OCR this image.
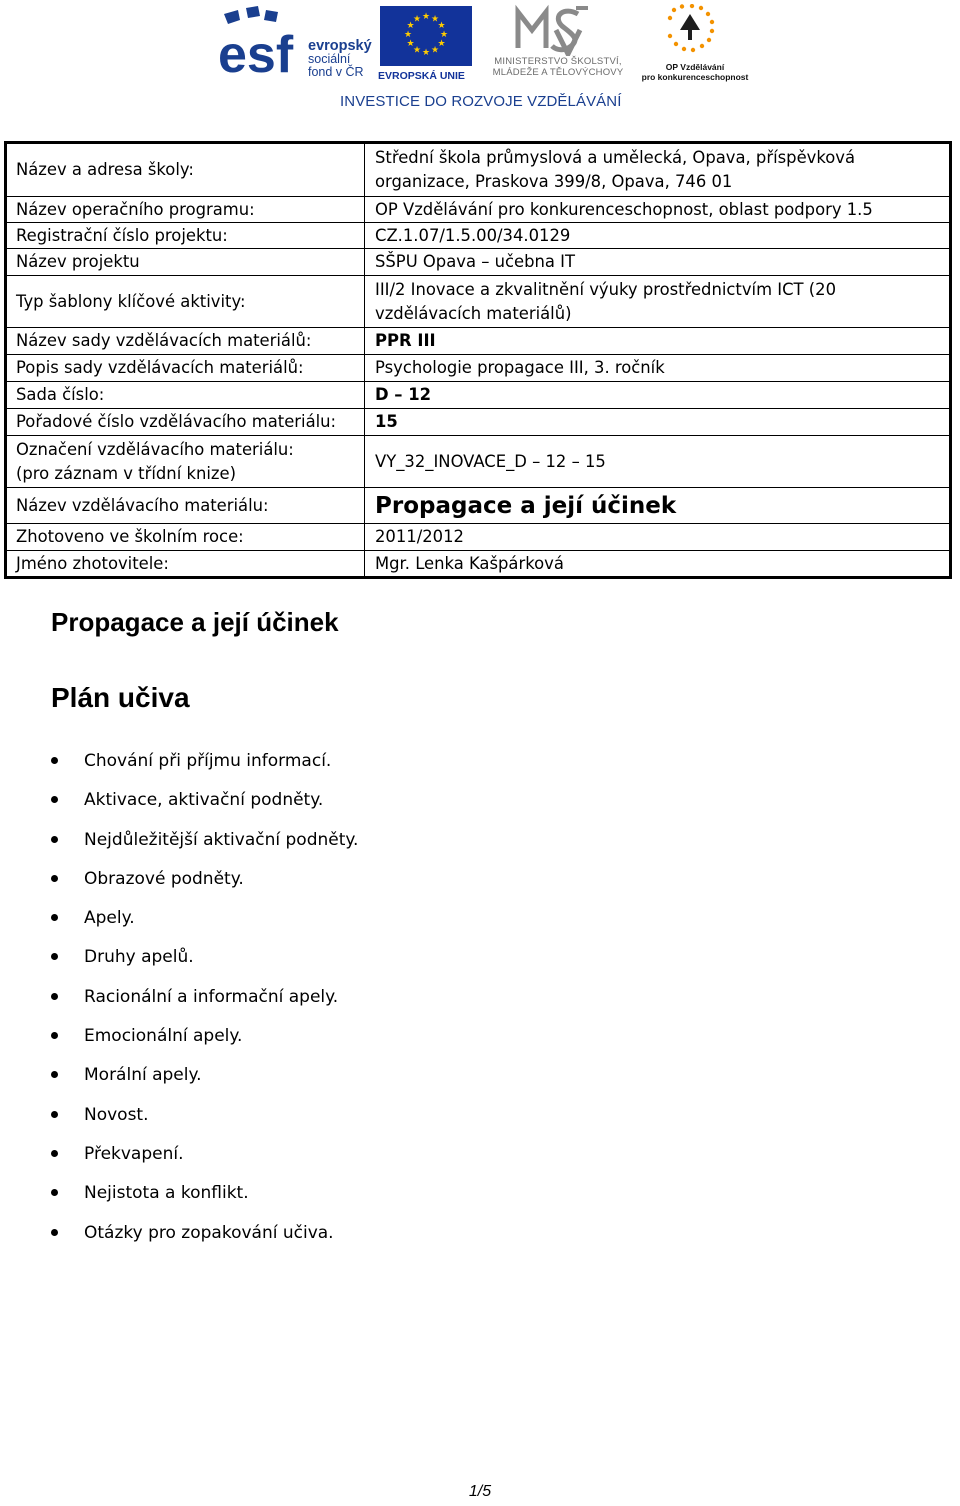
esf evropský
sociální
fond v ČR
★ ★
★
★
★
★
★
★
★
★
★
★
EVROPSKÁ UNIE
MINISTERSTVO ŠKOLSTVÍ,
MLÁDEŽE A TĚLOVÝCHOVY	OP Vzdělávání
pro konkurenceschopnost
INVESTICE DO ROZVOJE VZDĚLÁVÁNÍ
Název a adresa školy:	Střední škola průmyslová a umělecká, Opava, příspěvková organizace, Praskova 399/8, Opava, 746 01
Název operačního programu:	OP Vzdělávání pro konkurenceschopnost, oblast podpory 1.5
Registrační číslo projektu:	CZ.1.07/1.5.00/34.0129
Název projektu	SŠPU Opava – učebna IT
Typ šablony klíčové aktivity:	III/2 Inovace a zkvalitnění výuky prostřednictvím ICT (20 vzdělávacích materiálů)
Název sady vzdělávacích materiálů:	PPR III
Popis sady vzdělávacích materiálů:	Psychologie propagace III, 3. ročník
Sada číslo:	D – 12
Pořadové číslo vzdělávacího materiálu:	15
Označení vzdělávacího materiálu:
(pro záznam v třídní knize)	VY_32_INOVACE_D – 12 – 15
Název vzdělávacího materiálu:	Propagace a její účinek
Zhotoveno ve školním roce:	2011/2012
Jméno zhotovitele:	Mgr. Lenka Kašpárková
Propagace a její účinek
Plán učiva
Chování při příjmu informací.
Aktivace, aktivační podněty.
Nejdůležitější aktivační podněty.
Obrazové podněty.
Apely.
Druhy apelů.
Racionální a informační apely.
Emocionální apely.
Morální apely.
Novost.
Překvapení.
Nejistota a konflikt.
Otázky pro zopakování učiva.
1/5
